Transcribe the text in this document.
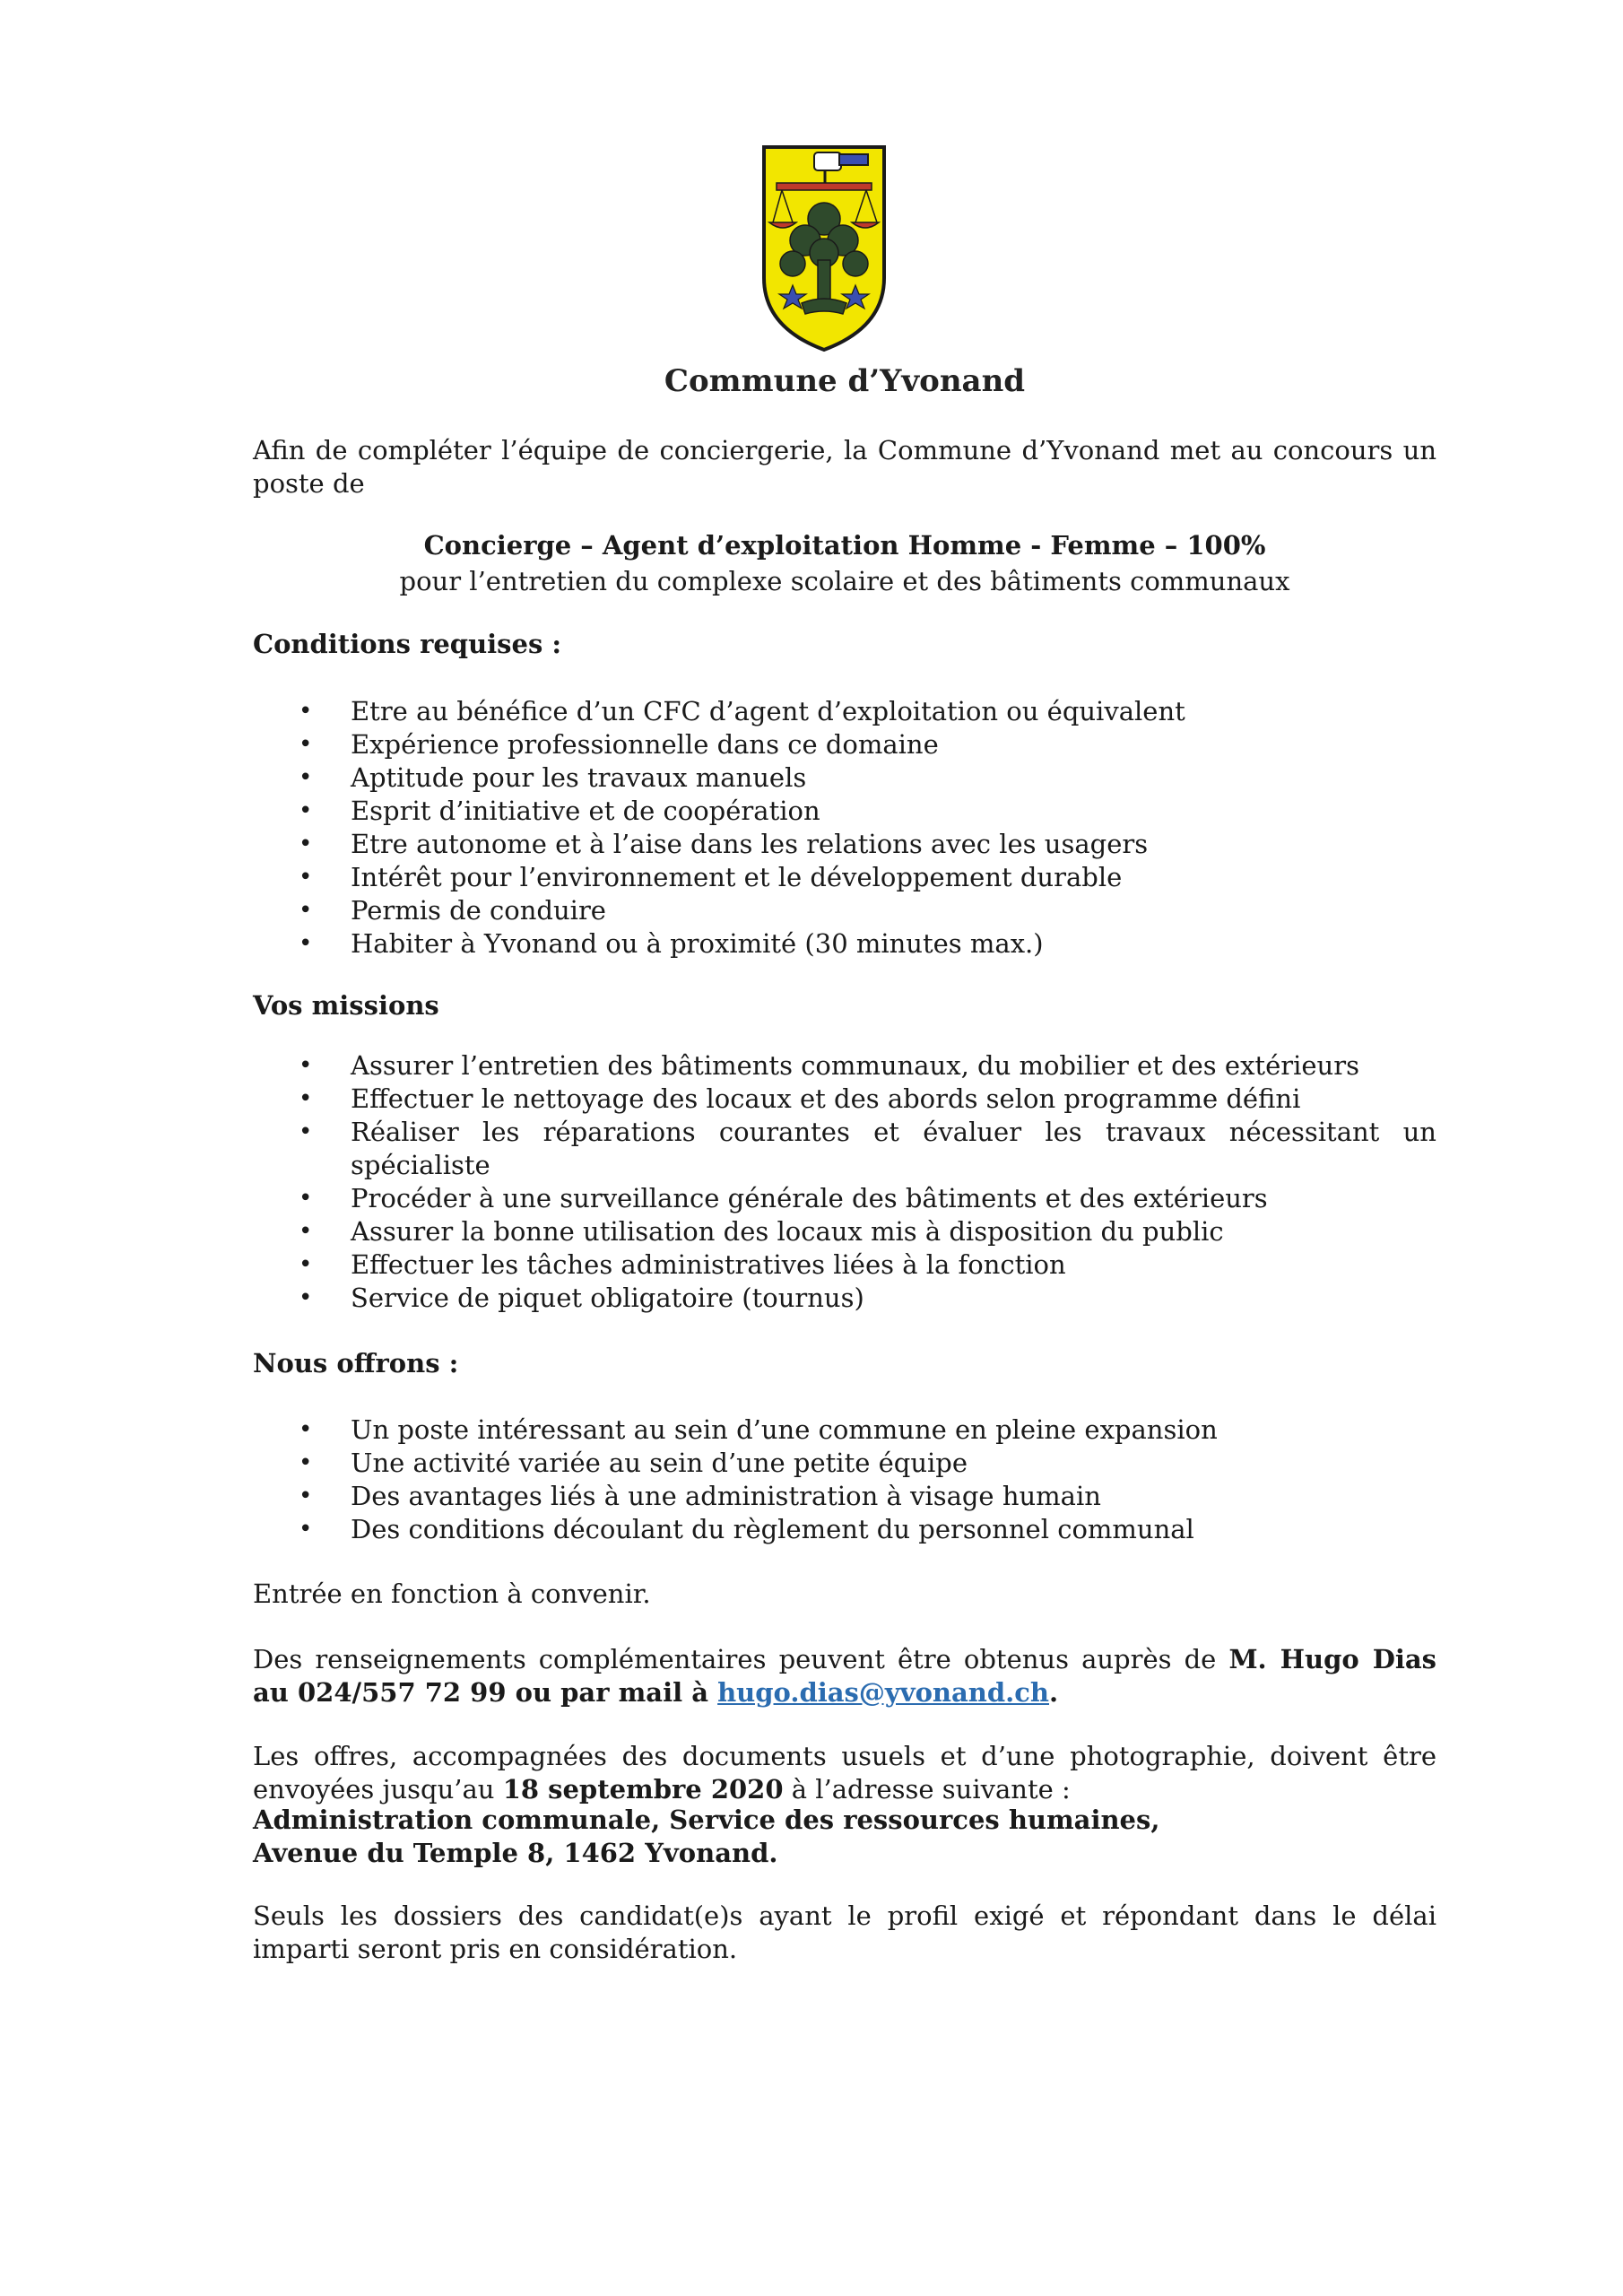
Commune d’Yvonand
Afin de compléter l’équipe de conciergerie, la Commune d’Yvonand met au concours un poste de
Concierge – Agent d’exploitation Homme - Femme – 100%
pour l’entretien du complexe scolaire et des bâtiments communaux
Conditions requises :
• Etre au bénéfice d’un CFC d’agent d’exploitation ou équivalent
• Expérience professionnelle dans ce domaine
• Aptitude pour les travaux manuels
• Esprit d’initiative et de coopération
• Etre autonome et à l’aise dans les relations avec les usagers
• Intérêt pour l’environnement et le développement durable
• Permis de conduire
• Habiter à Yvonand ou à proximité (30 minutes max.)
Vos missions
• Assurer l’entretien des bâtiments communaux, du mobilier et des extérieurs
• Effectuer le nettoyage des locaux et des abords selon programme défini
• Réaliser les réparations courantes et évaluer les travaux nécessitant un spécialiste
• Procéder à une surveillance générale des bâtiments et des extérieurs
• Assurer la bonne utilisation des locaux mis à disposition du public
• Effectuer les tâches administratives liées à la fonction
• Service de piquet obligatoire (tournus)
Nous offrons :
• Un poste intéressant au sein d’une commune en pleine expansion
• Une activité variée au sein d’une petite équipe
• Des avantages liés à une administration à visage humain
• Des conditions découlant du règlement du personnel communal
Entrée en fonction à convenir.
Des renseignements complémentaires peuvent être obtenus auprès de M. Hugo Dias au 024/557 72 99 ou par mail à hugo.dias@yvonand.ch.
Les offres, accompagnées des documents usuels et d’une photographie, doivent être envoyées jusqu’au 18 septembre 2020 à l’adresse suivante :
Administration communale, Service des ressources humaines,
Avenue du Temple 8, 1462 Yvonand.
Seuls les dossiers des candidat(e)s ayant le profil exigé et répondant dans le délai imparti seront pris en considération.
